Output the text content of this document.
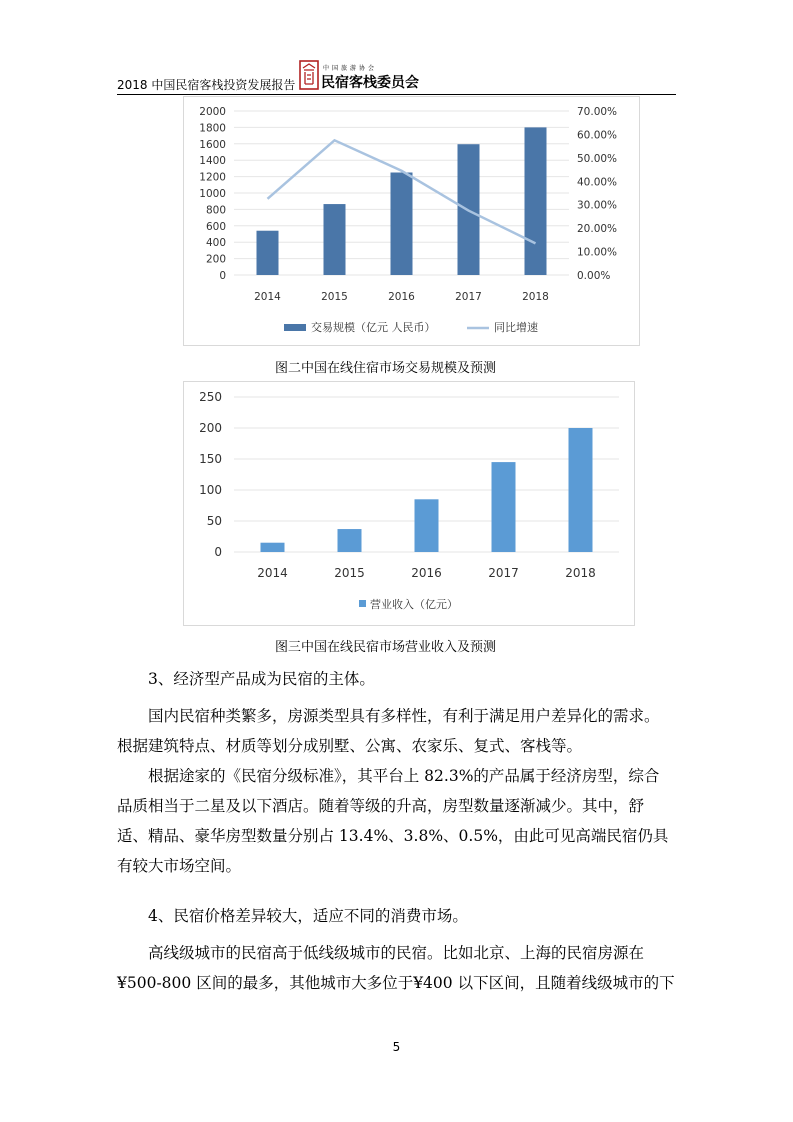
2018 中国民宿客栈投资发展报告
中国旅游协会
民宿客栈委员会
0
200
400
600
800
1000
1200
1400
1600
1800
2000
0.00%
10.00%
20.00%
30.00%
40.00%
50.00%
60.00%
70.00%
2014	2015	2016	2017	2018
交易规模（亿元 人民币）	同比增速
图二中国在线住宿市场交易规模及预测
0
50
100
150
200
250
2014	2015	2016	2017	2018
营业收入（亿元）
图三中国在线民宿市场营业收入及预测

3、经济型产品成为民宿的主体。

国内民宿种类繁多，房源类型具有多样性，有利于满足用户差异化的需求。

根据建筑特点、材质等划分成别墅、公寓、农家乐、复式、客栈等。

根据途家的《民宿分级标准》，其平台上 82.3%的产品属于经济房型，综合

品质相当于二星及以下酒店。随着等级的升高，房型数量逐渐减少。其中，舒

适、精品、豪华房型数量分别占 13.4%、3.8%、0.5%，由此可见高端民宿仍具

有较大市场空间。

4、民宿价格差异较大，适应不同的消费市场。

高线级城市的民宿高于低线级城市的民宿。比如北京、上海的民宿房源在

¥500-800 区间的最多，其他城市大多位于¥400 以下区间，且随着线级城市的下

5
